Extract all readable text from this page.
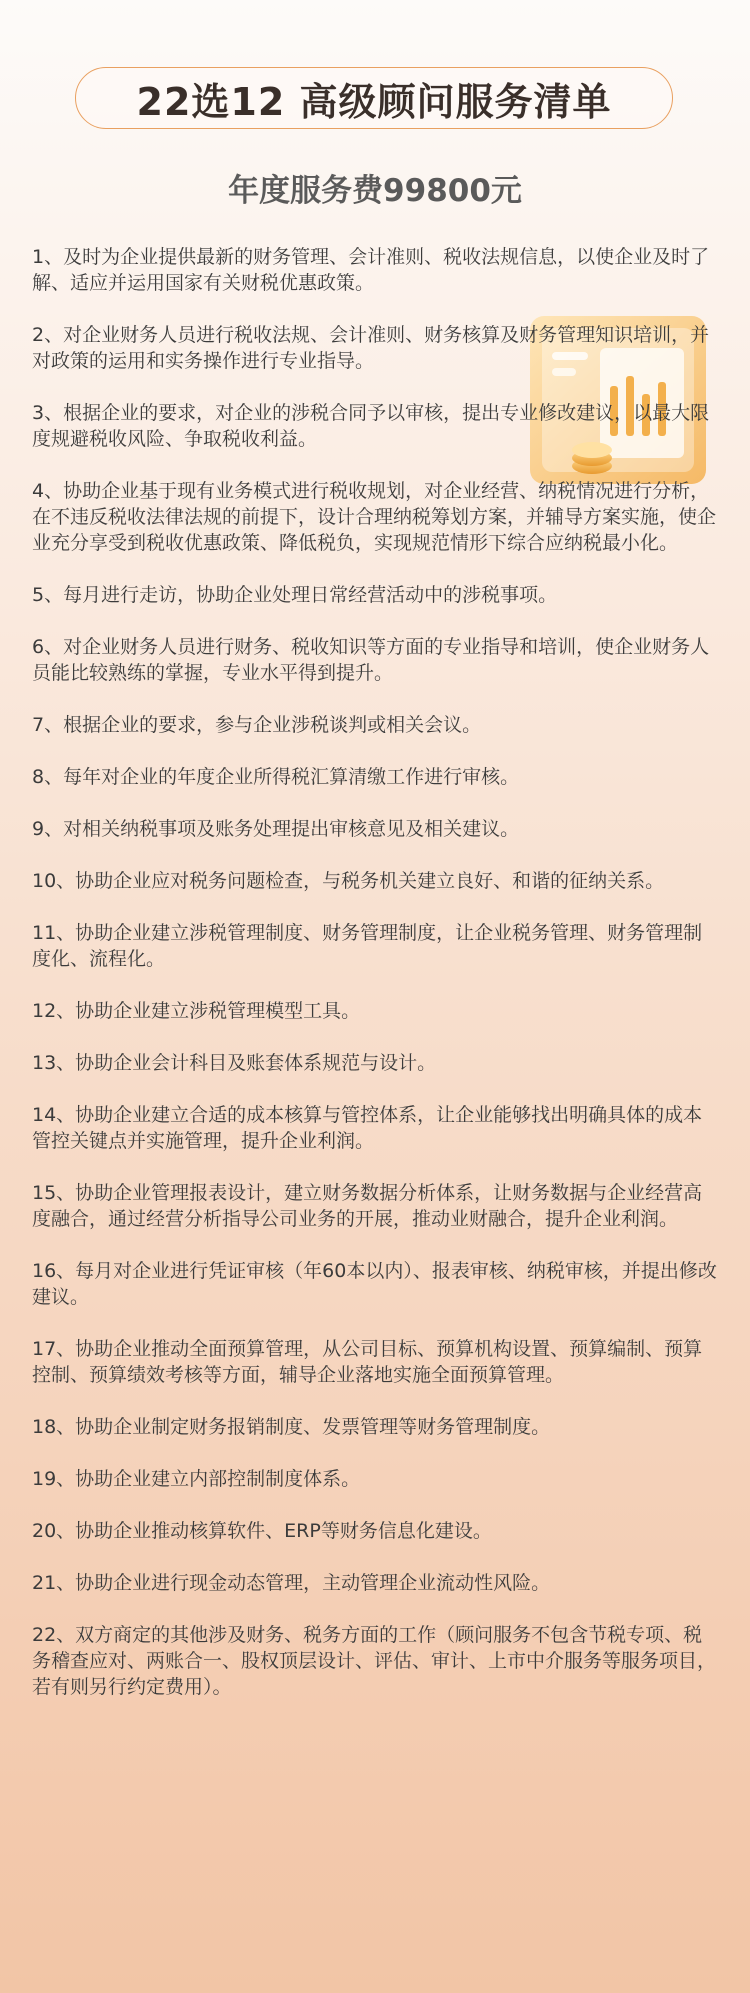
22选12 高级顾问服务清单
年度服务费99800元

1、及时为企业提供最新的财务管理、会计准则、税收法规信息，以使企业及时了解、适应并运用国家有关财税优惠政策。

2、对企业财务人员进行税收法规、会计准则、财务核算及财务管理知识培训，并对政策的运用和实务操作进行专业指导。

3、根据企业的要求，对企业的涉税合同予以审核，提出专业修改建议，以最大限度规避税收风险、争取税收利益。

4、协助企业基于现有业务模式进行税收规划，对企业经营、纳税情况进行分析，在不违反税收法律法规的前提下，设计合理纳税筹划方案，并辅导方案实施，使企业充分享受到税收优惠政策、降低税负，实现规范情形下综合应纳税最小化。

5、每月进行走访，协助企业处理日常经营活动中的涉税事项。

6、对企业财务人员进行财务、税收知识等方面的专业指导和培训，使企业财务人员能比较熟练的掌握，专业水平得到提升。

7、根据企业的要求，参与企业涉税谈判或相关会议。

8、每年对企业的年度企业所得税汇算清缴工作进行审核。

9、对相关纳税事项及账务处理提出审核意见及相关建议。

10、协助企业应对税务问题检查，与税务机关建立良好、和谐的征纳关系。

11、协助企业建立涉税管理制度、财务管理制度，让企业税务管理、财务管理制度化、流程化。

12、协助企业建立涉税管理模型工具。

13、协助企业会计科目及账套体系规范与设计。

14、协助企业建立合适的成本核算与管控体系，让企业能够找出明确具体的成本管控关键点并实施管理，提升企业利润。

15、协助企业管理报表设计，建立财务数据分析体系，让财务数据与企业经营高度融合，通过经营分析指导公司业务的开展，推动业财融合，提升企业利润。

16、每月对企业进行凭证审核（年60本以内）、报表审核、纳税审核，并提出修改建议。

17、协助企业推动全面预算管理，从公司目标、预算机构设置、预算编制、预算控制、预算绩效考核等方面，辅导企业落地实施全面预算管理。

18、协助企业制定财务报销制度、发票管理等财务管理制度。

19、协助企业建立内部控制制度体系。

20、协助企业推动核算软件、ERP等财务信息化建设。

21、协助企业进行现金动态管理，主动管理企业流动性风险。

22、双方商定的其他涉及财务、税务方面的工作（顾问服务不包含节税专项、税务稽查应对、两账合一、股权顶层设计、评估、审计、上市中介服务等服务项目，若有则另行约定费用）。
